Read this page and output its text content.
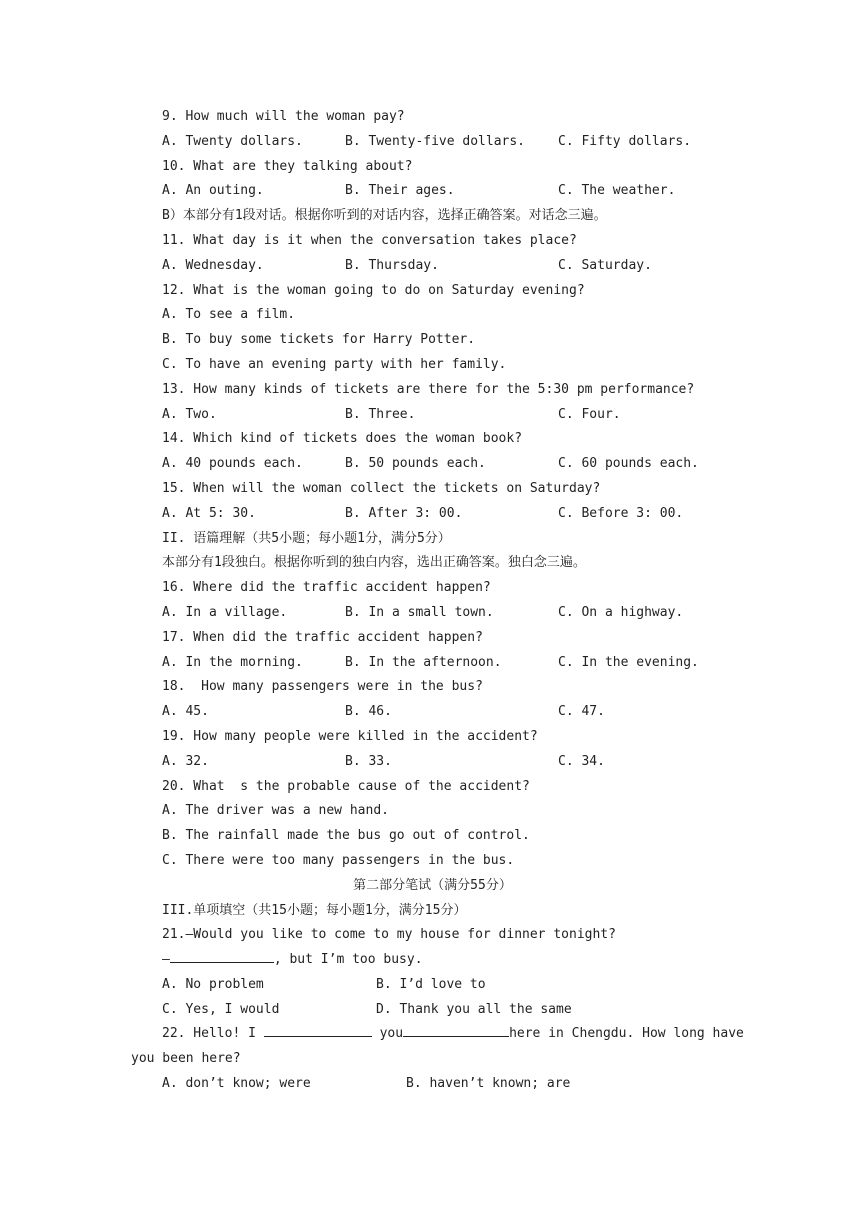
9. How much will the woman pay?

A. Twenty dollars.

	B. Twenty-five dollars.

	C. Fifty dollars.

10. What are they talking about?

A. An outing.

	B. Their ages.

	C. The weather.

B）本部分有1段对话。根据你听到的对话内容，选择正确答案。对话念三遍。
11. What day is it when the conversation takes place?

A. Wednesday.

	B. Thursday.

	C. Saturday.

12. What is the woman going to do on Saturday evening?
A. To see a film.
B. To buy some tickets for Harry Potter.
C. To have an evening party with her family.
13. How many kinds of tickets are there for the 5:30 pm performance?

A. Two.

	B. Three.

	C. Four.

14. Which kind of tickets does the woman book?

A. 40 pounds each.

	B. 50 pounds each.

	C. 60 pounds each.

15. When will the woman collect the tickets on Saturday?

A. At 5: 30.

	B. After 3: 00.

	C. Before 3: 00.

II. 语篇理解（共5小题；每小题1分，满分5分）
本部分有1段独白。根据你听到的独白内容，选出正确答案。独白念三遍。
16. Where did the traffic accident happen?

A. In a village.

	B. In a small town.

	C. On a highway.

17. When did the traffic accident happen?

A. In the morning.

	B. In the afternoon.

	C. In the evening.

18.  How many passengers were in the bus?

A. 45.

	B. 46.

	C. 47.

19. How many people were killed in the accident?

A. 32.

	B. 33.

	C. 34.

20. What  s the probable cause of the accident?
A. The driver was a new hand.
B. The rainfall made the bus go out of control.
C. There were too many passengers in the bus.
第二部分笔试（满分55分）
III.单项填空（共15小题；每小题1分，满分15分）
21.—Would you like to come to my house for dinner tonight?
—	, but I’m too busy.

A. No problem

	B. I’d love to

C. Yes, I would

	D. Thank you all the same

22. Hello! I	you	here in Chengdu. How long have
you been here?

A. don’t know; were

	B. haven’t known; are
